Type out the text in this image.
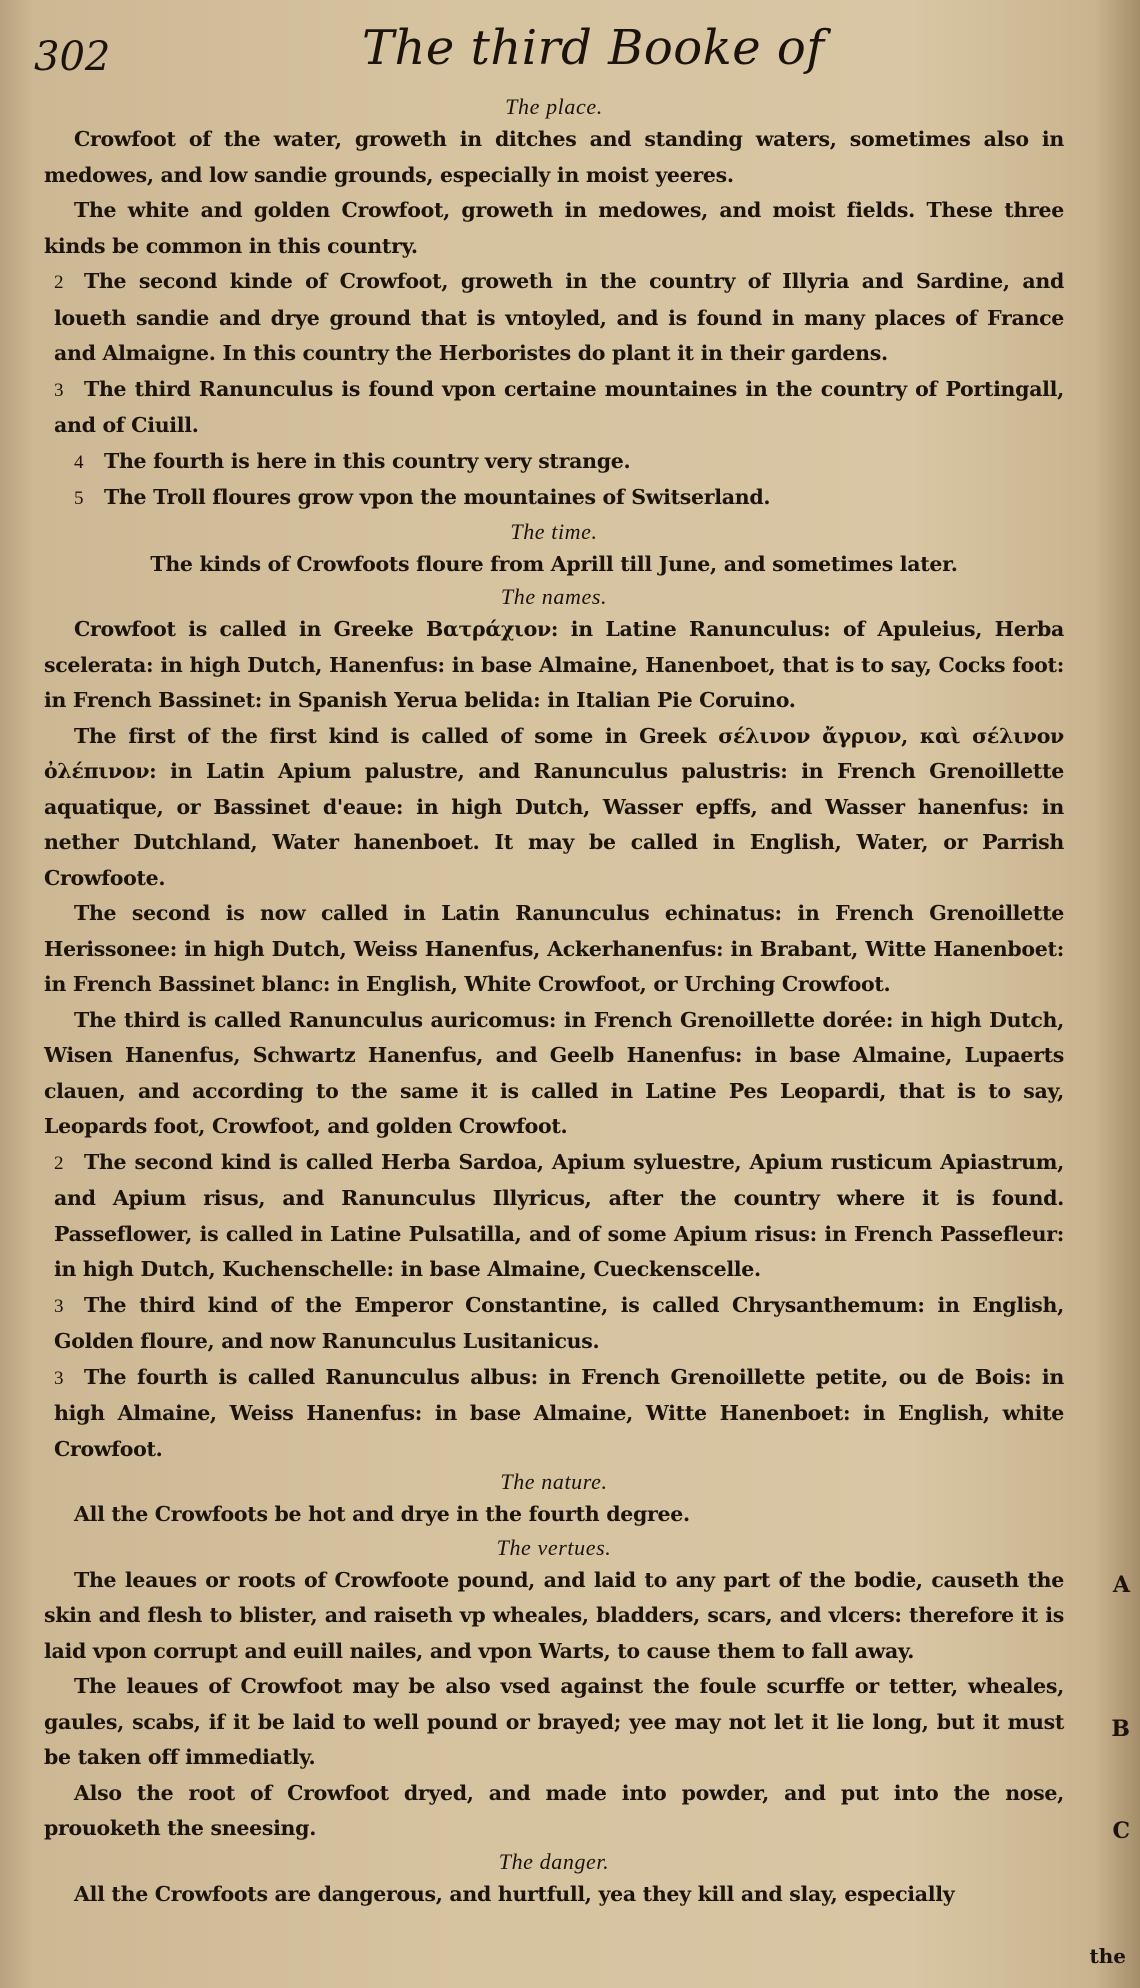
302	The third Booke of

The place.

Crowfoot of the water, groweth in ditches and standing waters, sometimes also in medowes, and low sandie grounds, especially in moist yeeres.

The white and golden Crowfoot, groweth in medowes, and moist fields. These three kinds be common in this country.

2 The second kinde of Crowfoot, groweth in the country of Illyria and Sardine, and loueth sandie and drye ground that is vntoyled, and is found in many places of France and Almaigne. In this country the Herboristes do plant it in their gardens.

3 The third Ranunculus is found vpon certaine mountaines in the country of Portingall, and of Ciuill.

4 The fourth is here in this country very strange.

5 The Troll floures grow vpon the mountaines of Switserland.

The time.

The kinds of Crowfoots floure from Aprill till June, and sometimes later.

The names.

Crowfoot is called in Greeke Βατράχιον: in Latine Ranunculus: of Apuleius, Herba scelerata: in high Dutch, Hanenfus: in base Almaine, Hanenboet, that is to say, Cocks foot: in French Bassinet: in Spanish Yerua belida: in Italian Pie Coruino.

The first of the first kind is called of some in Greek σέλινον ἄγριον, καὶ σέλινον ὀλέπινον: in Latin Apium palustre, and Ranunculus palustris: in French Grenoillette aquatique, or Bassinet d'eaue: in high Dutch, Wasser epffs, and Wasser hanenfus: in nether Dutchland, Water hanenboet. It may be called in English, Water, or Parrish Crowfoote.

The second is now called in Latin Ranunculus echinatus: in French Grenoillette Herissonee: in high Dutch, Weiss Hanenfus, Ackerhanenfus: in Brabant, Witte Hanenboet: in French Bassinet blanc: in English, White Crowfoot, or Urching Crowfoot.

The third is called Ranunculus auricomus: in French Grenoillette dorée: in high Dutch, Wisen Hanenfus, Schwartz Hanenfus, and Geelb Hanenfus: in base Almaine, Lupaerts clauen, and according to the same it is called in Latine Pes Leopardi, that is to say, Leopards foot, Crowfoot, and golden Crowfoot.

2 The second kind is called Herba Sardoa, Apium syluestre, Apium rusticum Apiastrum, and Apium risus, and Ranunculus Illyricus, after the country where it is found. Passeflower, is called in Latine Pulsatilla, and of some Apium risus: in French Passefleur: in high Dutch, Kuchenschelle: in base Almaine, Cueckenscelle.

3 The third kind of the Emperor Constantine, is called Chrysanthemum: in English, Golden floure, and now Ranunculus Lusitanicus.

3 The fourth is called Ranunculus albus: in French Grenoillette petite, ou de Bois: in high Almaine, Weiss Hanenfus: in base Almaine, Witte Hanenboet: in English, white Crowfoot.

The nature.

All the Crowfoots be hot and drye in the fourth degree.

The vertues.

The leaues or roots of Crowfoote pound, and laid to any part of the bodie, causeth the skin and flesh to blister, and raiseth vp wheales, bladders, scars, and vlcers: therefore it is laid vpon corrupt and euill nailes, and vpon Warts, to cause them to fall away.

The leaues of Crowfoot may be also vsed against the foule scurffe or tetter, wheales, gaules, scabs, if it be laid to well pound or brayed; yee may not let it lie long, but it must be taken off immediatly.

Also the root of Crowfoot dryed, and made into powder, and put into the nose, prouoketh the sneesing.

The danger.

All the Crowfoots are dangerous, and hurtfull, yea they kill and slay, especially

A
B
C
the
